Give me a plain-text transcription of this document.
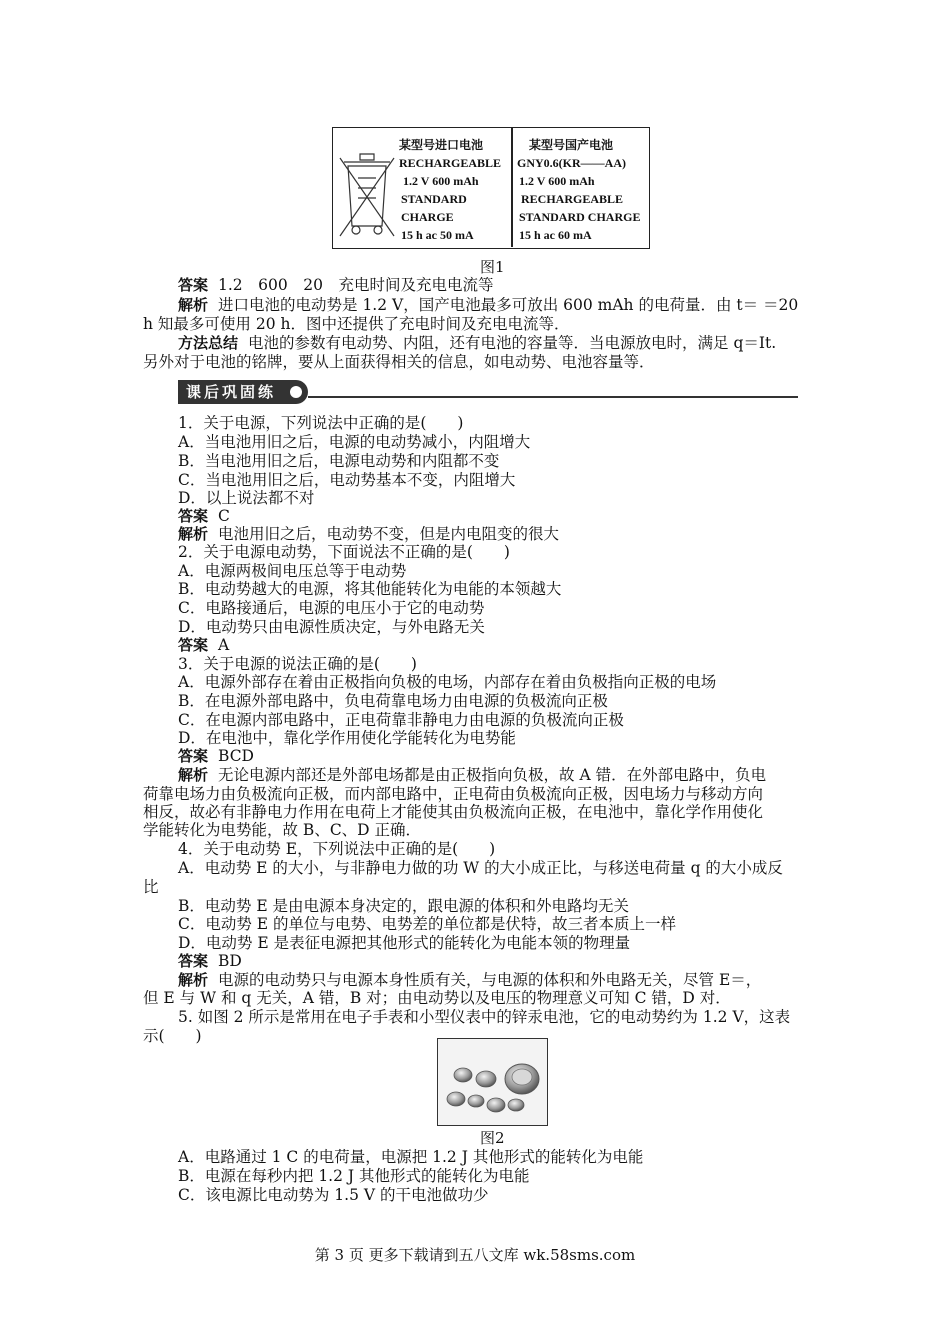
某型号进口电池
RECHARGEABLE
1.2 V 600 mAh
STANDARD
CHARGE
15 h ac 50 mA
某型号国产电池
GNY0.6(KR——AA)
1.2 V 600 mAh
RECHARGEABLE
STANDARD CHARGE
15 h ac 60 mA
图1
答案 1.2　600　20　充电时间及充电电流等
解析 进口电池的电动势是 1.2 V，国产电池最多可放出 600 mAh 的电荷量．由 t＝ ＝20
h 知最多可使用 20 h．图中还提供了充电时间及充电电流等．
方法总结 电池的参数有电动势、内阻，还有电池的容量等．当电源放电时，满足 q＝It.
另外对于电池的铭牌，要从上面获得相关的信息，如电动势、电池容量等．
课后巩固练
1．关于电源，下列说法中正确的是(　　)
A．当电池用旧之后，电源的电动势减小，内阻增大
B．当电池用旧之后，电源电动势和内阻都不变
C．当电池用旧之后，电动势基本不变，内阻增大
D．以上说法都不对
答案 C
解析 电池用旧之后，电动势不变，但是内电阻变的很大
2．关于电源电动势，下面说法不正确的是(　　)
A．电源两极间电压总等于电动势
B．电动势越大的电源，将其他能转化为电能的本领越大
C．电路接通后，电源的电压小于它的电动势
D．电动势只由电源性质决定，与外电路无关
答案 A
3．关于电源的说法正确的是(　　)
A．电源外部存在着由正极指向负极的电场，内部存在着由负极指向正极的电场
B．在电源外部电路中，负电荷靠电场力由电源的负极流向正极
C．在电源内部电路中，正电荷靠非静电力由电源的负极流向正极
D．在电池中，靠化学作用使化学能转化为电势能
答案 BCD
解析 无论电源内部还是外部电场都是由正极指向负极，故 A 错．在外部电路中，负电
荷靠电场力由负极流向正极，而内部电路中，正电荷由负极流向正极，因电场力与移动方向
相反，故必有非静电力作用在电荷上才能使其由负极流向正极，在电池中，靠化学作用使化
学能转化为电势能，故 B、C、D 正确．
4．关于电动势 E，下列说法中正确的是(　　)
A．电动势 E 的大小，与非静电力做的功 W 的大小成正比，与移送电荷量 q 的大小成反
比
B．电动势 E 是由电源本身决定的，跟电源的体积和外电路均无关
C．电动势 E 的单位与电势、电势差的单位都是伏特，故三者本质上一样
D．电动势 E 是表征电源把其他形式的能转化为电能本领的物理量
答案 BD
解析 电源的电动势只与电源本身性质有关，与电源的体积和外电路无关，尽管 E＝，
但 E 与 W 和 q 无关，A 错，B 对；由电动势以及电压的物理意义可知 C 错，D 对．
5. 如图 2 所示是常用在电子手表和小型仪表中的锌汞电池，它的电动势约为 1.2 V，这表
示(　　)
图2
A．电路通过 1 C 的电荷量，电源把 1.2 J 其他形式的能转化为电能
B．电源在每秒内把 1.2 J 其他形式的能转化为电能
C．该电源比电动势为 1.5 V 的干电池做功少
第 3 页 更多下载请到五八文库 wk.58sms.com
